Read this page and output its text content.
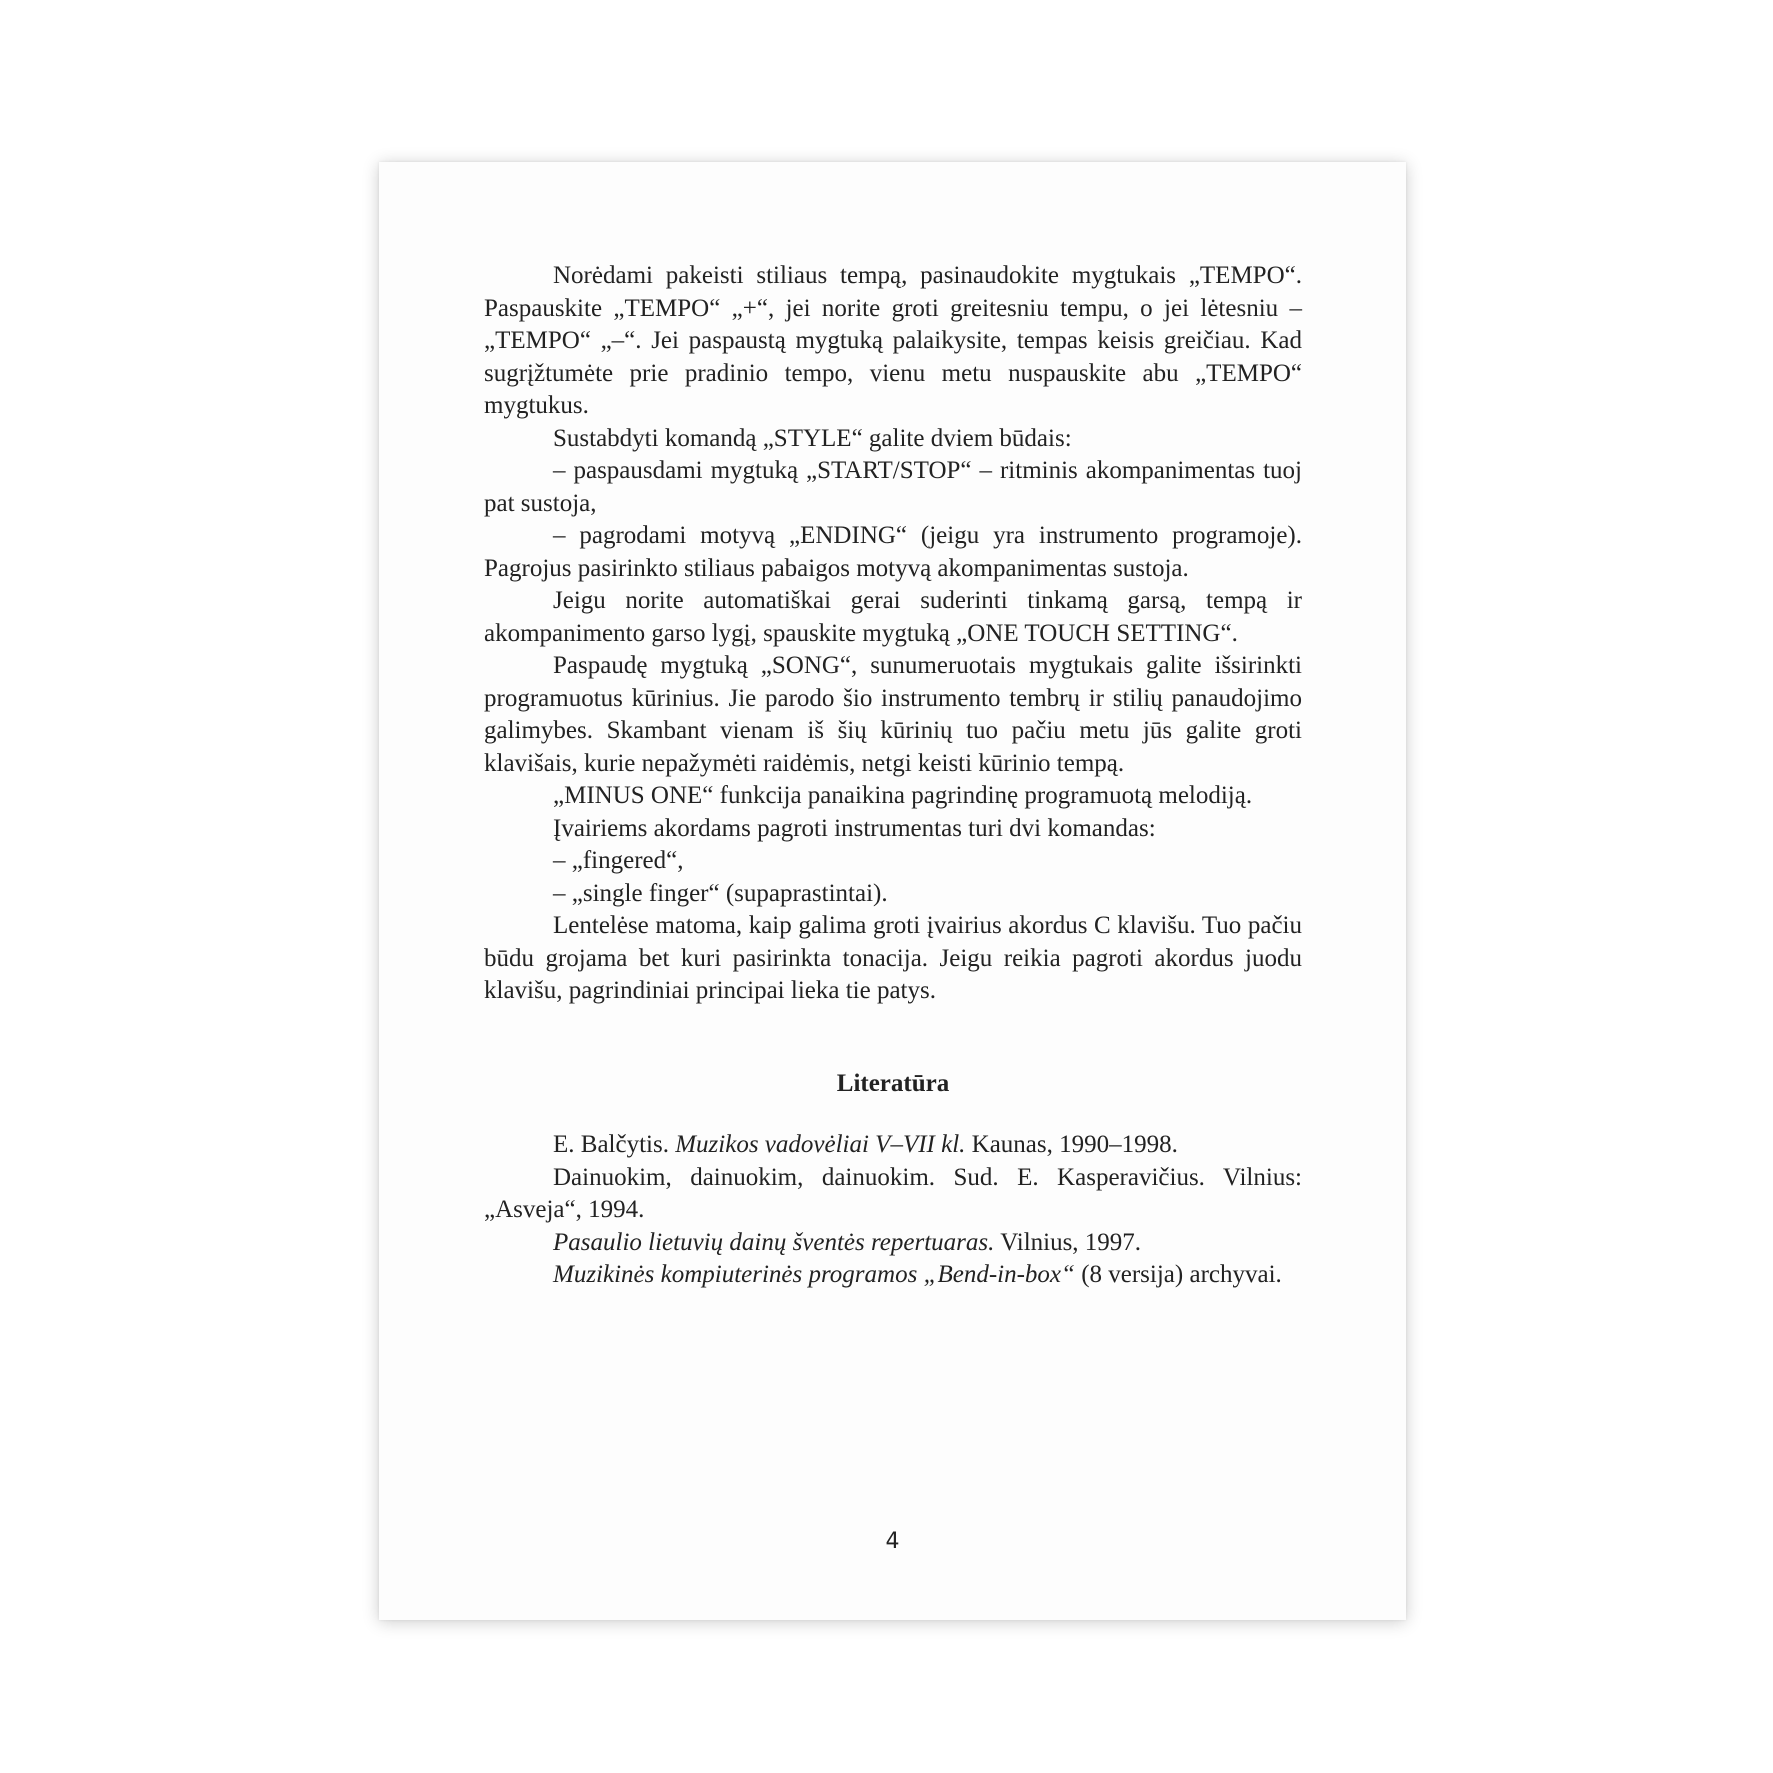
Norėdami pakeisti stiliaus tempą, pasinaudokite mygtukais „TEMPO“. Paspauskite „TEMPO“ „+“, jei norite groti greitesniu tempu, o jei lėtesniu – „TEMPO“ „–“. Jei paspaustą mygtuką palaikysite, tempas keisis greičiau. Kad sugrįžtumėte prie pradinio tempo, vienu metu nuspauskite abu „TEMPO“ mygtukus.

Sustabdyti komandą „STYLE“ galite dviem būdais:

– paspausdami mygtuką „START/STOP“ – ritminis akompanimentas tuoj pat sustoja,

– pagrodami motyvą „ENDING“ (jeigu yra instrumento programoje). Pagrojus pasirinkto stiliaus pabaigos motyvą akompanimentas sustoja.

Jeigu norite automatiškai gerai suderinti tinkamą garsą, tempą ir akompanimento garso lygį, spauskite mygtuką „ONE TOUCH SETTING“.

Paspaudę mygtuką „SONG“, sunumeruotais mygtukais galite išsirinkti programuotus kūrinius. Jie parodo šio instrumento tembrų ir stilių panaudojimo galimybes. Skambant vienam iš šių kūrinių tuo pačiu metu jūs galite groti klavišais, kurie nepažymėti raidėmis, netgi keisti kūrinio tempą.

„MINUS ONE“ funkcija panaikina pagrindinę programuotą melodiją.

Įvairiems akordams pagroti instrumentas turi dvi komandas:

– „fingered“,

– „single finger“ (supaprastintai).

Lentelėse matoma, kaip galima groti įvairius akordus C klavišu. Tuo pačiu būdu grojama bet kuri pasirinkta tonacija. Jeigu reikia pagroti akordus juodu klavišu, pagrindiniai principai lieka tie patys.

Literatūra

E. Balčytis. Muzikos vadovėliai V–VII kl. Kaunas, 1990–1998.

Dainuokim, dainuokim, dainuokim. Sud. E. Kasperavičius. Vilnius: „Asveja“, 1994.

Pasaulio lietuvių dainų šventės repertuaras. Vilnius, 1997.

Muzikinės kompiuterinės programos „Bend-in-box“ (8 versija) archyvai.

4
